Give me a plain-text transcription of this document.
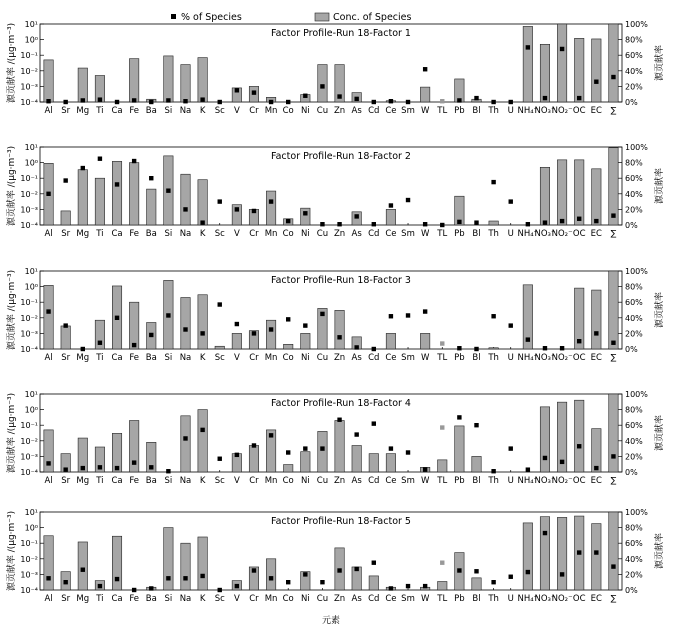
% of Species	Conc. of Species
Factor Profile-Run 18-Factor 1
10⁻⁴
10⁻³
10⁻²
10⁻¹
10⁰
10¹
0%
20%
40%
60%
80%
100%
源贡献率 /(μg·m⁻³)	源贡献率
Al Sr Mg Ti Ca Fe Ba Si Na K Sc V Cr Mn Co Ni Cu Zn As Cd Ce Sm W TL Pb Bl Th U NH₄⁺
NO₃⁻
NO₂⁻ OC EC ∑
Factor Profile-Run 18-Factor 2
10⁻⁴
10⁻³
10⁻²
10⁻¹
10⁰
10¹
0%
20%
40%
60%
80%
100%
源贡献率 /(μg·m⁻³)	源贡献率
Al Sr Mg Ti Ca Fe Ba Si Na K Sc V Cr Mn Co Ni Cu Zn As Cd Ce Sm W TL Pb Bl Th U NH₄⁺
NO₃⁻
NO₂⁻ OC EC ∑
Factor Profile-Run 18-Factor 3
10⁻⁴
10⁻³
10⁻²
10⁻¹
10⁰
10¹
0%
20%
40%
60%
80%
100%
源贡献率 /(μg·m⁻³)	源贡献率
Al Sr Mg Ti Ca Fe Ba Si Na K Sc V Cr Mn Co Ni Cu Zn As Cd Ce Sm W TL Pb Bl Th U NH₄⁺
NO₃⁻
NO₂⁻ OC EC ∑
Factor Profile-Run 18-Factor 4
10⁻⁴
10⁻³
10⁻²
10⁻¹
10⁰
10¹
0%
20%
40%
60%
80%
100%
源贡献率 /(μg·m⁻³)	源贡献率
Al Sr Mg Ti Ca Fe Ba Si Na K Sc V Cr Mn Co Ni Cu Zn As Cd Ce Sm W TL Pb Bl Th U NH₄⁺
NO₃⁻
NO₂⁻ OC EC ∑
Factor Profile-Run 18-Factor 5
10⁻⁴
10⁻³
10⁻²
10⁻¹
10⁰
10¹
0%
20%
40%
60%
80%
100%
源贡献率 /(μg·m⁻³)	源贡献率
Al Sr Mg Ti Ca Fe Ba Si Na K Sc V Cr Mn Co Ni Cu Zn As Cd Ce Sm W TL Pb Bl Th U NH₄⁺
NO₃⁻
NO₂⁻ OC EC ∑
元素
